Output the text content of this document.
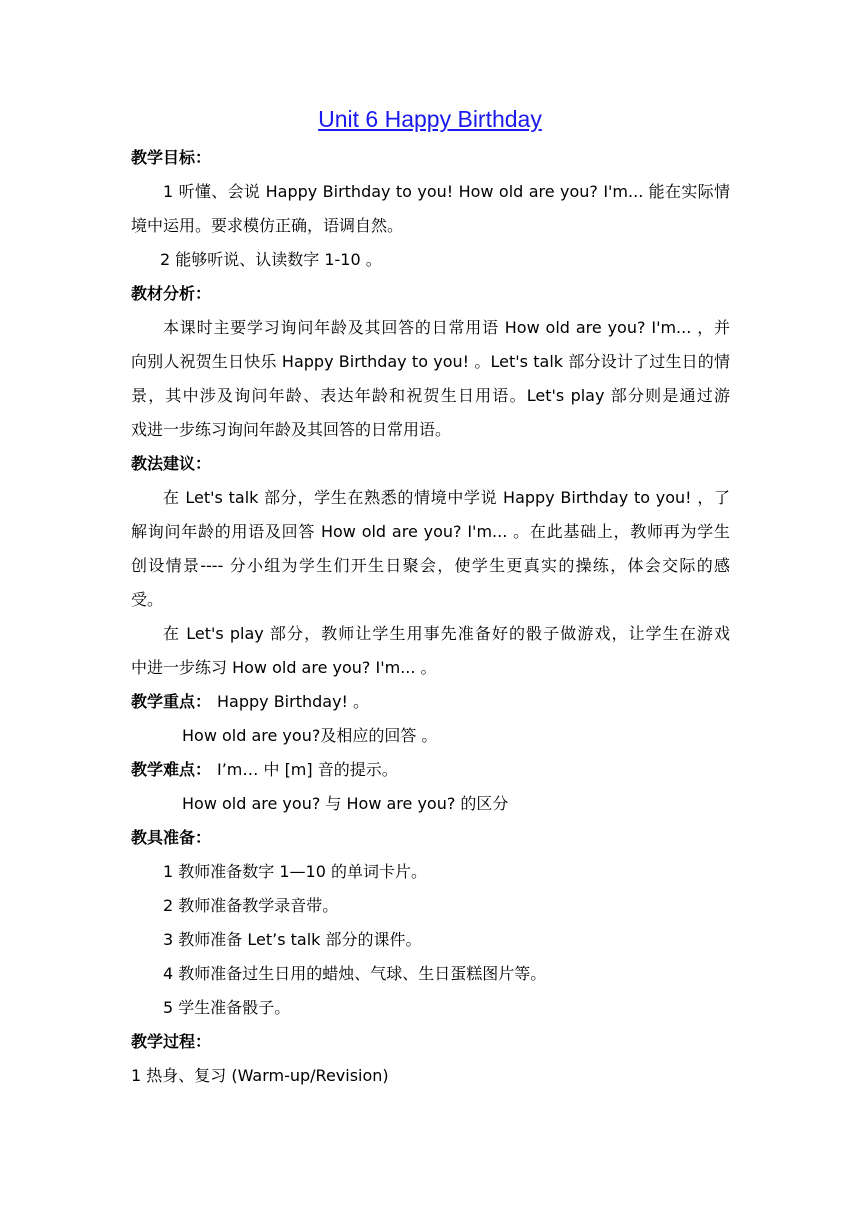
Unit 6 Happy Birthday
教学目标：
1 听懂、会说 Happy Birthday to you! How old are you? I'm... 能在实际情
境中运用。要求模仿正确，语调自然。
2 能够听说、认读数字 1-10 。
教材分析：
本课时主要学习询问年龄及其回答的日常用语 How old are you? I'm... ，并
向别人祝贺生日快乐 Happy Birthday to you! 。Let's talk 部分设计了过生日的情
景，其中涉及询问年龄、表达年龄和祝贺生日用语。Let's play 部分则是通过游
戏进一步练习询问年龄及其回答的日常用语。
教法建议：
在 Let's talk 部分，学生在熟悉的情境中学说 Happy Birthday to you! ，了
解询问年龄的用语及回答 How old are you? I'm... 。在此基础上，教师再为学生
创设情景---- 分小组为学生们开生日聚会，使学生更真实的操练，体会交际的感
受。
在 Let's play 部分，教师让学生用事先准备好的骰子做游戏，让学生在游戏
中进一步练习 How old are you? I'm... 。
教学重点： Happy Birthday! 。
How old are you?及相应的回答 。
教学难点： I’m… 中 [m] 音的提示。
How old are you? 与 How are you? 的区分
教具准备：
1 教师准备数字 1—10 的单词卡片。
2 教师准备教学录音带。
3 教师准备 Let’s talk 部分的课件。
4 教师准备过生日用的蜡烛、气球、生日蛋糕图片等。
5 学生准备骰子。
教学过程：
1 热身、复习 (Warm-up/Revision)
